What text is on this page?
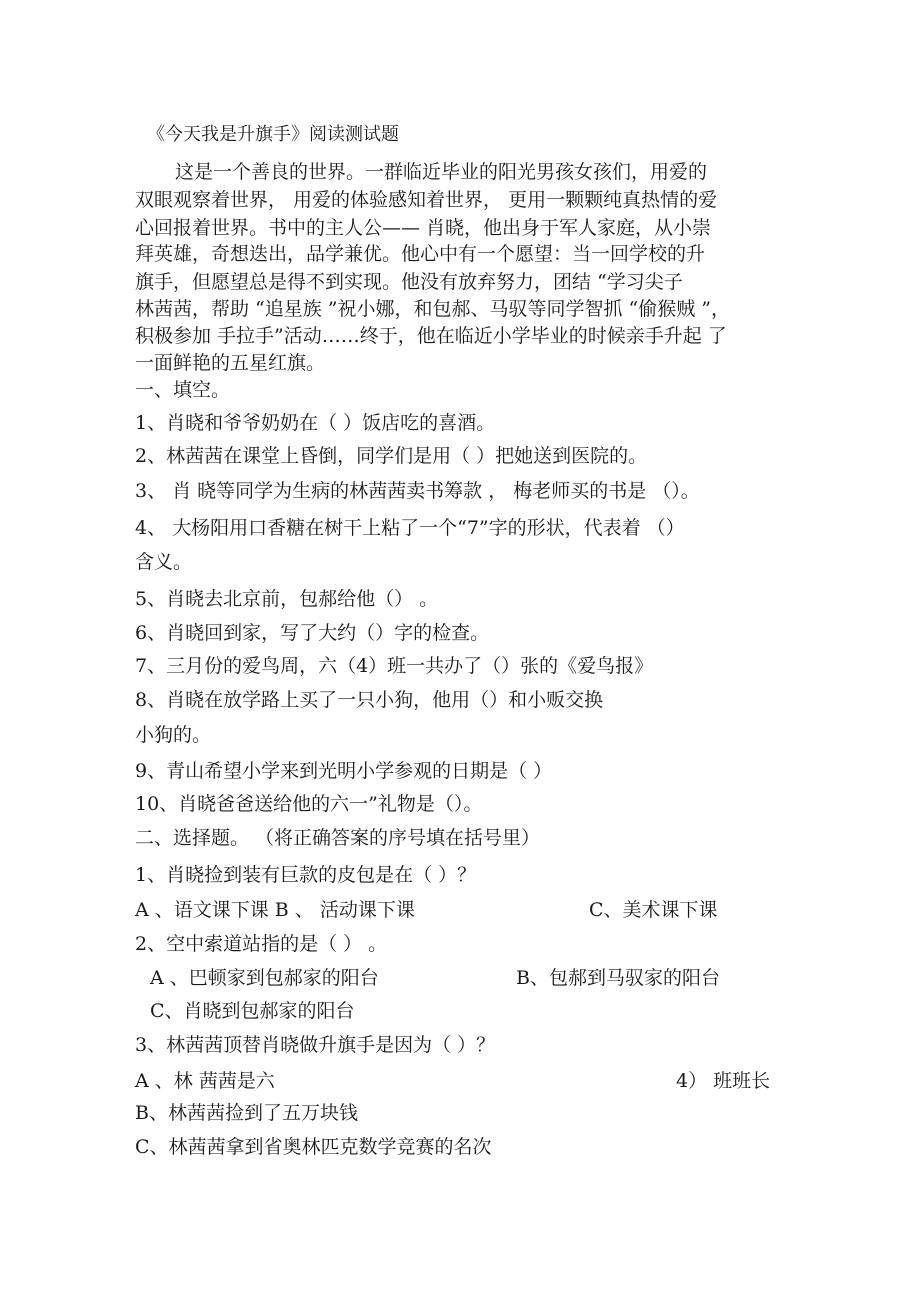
《今天我是升旗手》阅读测试题
这是一个善良的世界。一群临近毕业的阳光男孩女孩们，用爱的
双眼观察着世界， 用爱的体验感知着世界， 更用一颗颗纯真热情的爱
心回报着世界。书中的主人公—— 肖晓，他出身于军人家庭，从小崇
拜英雄，奇想迭出，品学兼优。他心中有一个愿望：当一回学校的升
旗手，但愿望总是得不到实现。他没有放弃努力，团结 “学习尖子
林茜茜，帮助 “追星族 ”祝小娜，和包郝、马驭等同学智抓 “偷猴贼 ”，
积极参加 手拉手”活动……终于，他在临近小学毕业的时候亲手升起 了
一面鲜艳的五星红旗。
一、填空。
1、肖晓和爷爷奶奶在（ ）饭店吃的喜酒。
2、林茜茜在课堂上昏倒，同学们是用（ ）把她送到医院的。
3、 肖 晓等同学为生病的林茜茜卖书筹款 ， 梅老师买的书是 （）。
4、 大杨阳用口香糖在树干上粘了一个“7”字的形状，代表着 （）
含义。
5、肖晓去北京前，包郝给他（） 。
6、肖晓回到家，写了大约（）字的检查。
7、三月份的爱鸟周，六（4）班一共办了（）张的《爱鸟报》
8、肖晓在放学路上买了一只小狗，他用（）和小贩交换
小狗的。
9、青山希望小学来到光明小学参观的日期是（ ）
10、肖晓爸爸送给他的六一”礼物是（）。
二、选择题。 （将正确答案的序号填在括号里）
1、肖晓捡到装有巨款的皮包是在（ ）？
A 、语文课下课 B 、 活动课下课	C、美术课下课
2、空中索道站指的是（ ） 。
A 、巴顿家到包郝家的阳台	B、包郝到马驭家的阳台
C、肖晓到包郝家的阳台
3、林茜茜顶替肖晓做升旗手是因为（ ）？
A 、林 茜茜是六	4） 班班长
B、林茜茜捡到了五万块钱
C、林茜茜拿到省奥林匹克数学竞赛的名次
